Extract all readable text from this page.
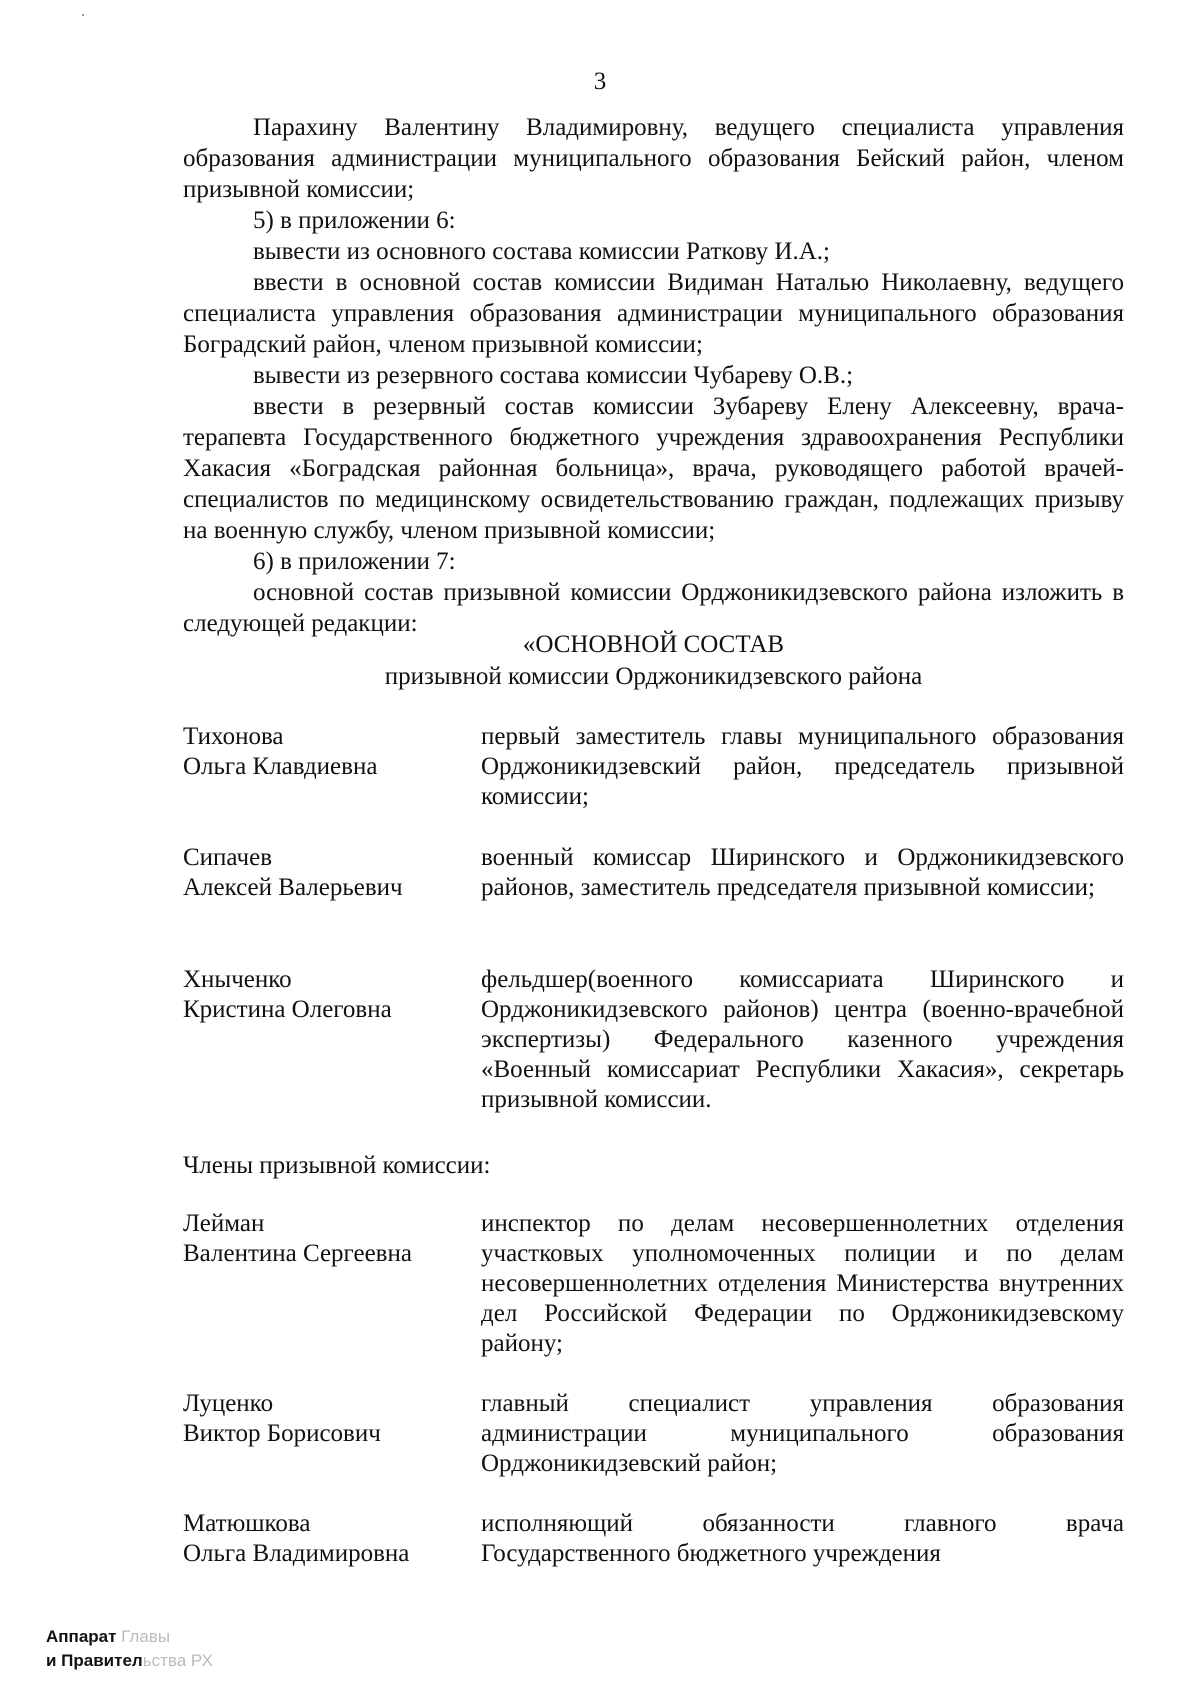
3

Парахину Валентину Владимировну, ведущего специалиста управления образования администрации муниципального образования Бейский район, членом призывной комиссии;

5) в приложении 6:

вывести из основного состава комиссии Раткову И.А.;

ввести в основной состав комиссии Видиман Наталью Николаевну, ведущего специалиста управления образования администрации муниципального образования Боградский район, членом призывной комиссии;

вывести из резервного состава комиссии Чубареву О.В.;

ввести в резервный состав комиссии Зубареву Елену Алексеевну, врача-терапевта Государственного бюджетного учреждения здравоохранения Республики Хакасия «Боградская районная больница», врача, руководящего работой врачей-специалистов по медицинскому освидетельствованию граждан, подлежащих призыву на военную службу, членом призывной комиссии;

6) в приложении 7:

основной состав призывной комиссии Орджоникидзевского района изложить в следующей редакции:

«ОСНОВНОЙ СОСТАВ
призывной комиссии Орджоникидзевского района
Тихонова
Ольга Клавдиевна
первый заместитель главы муниципального образования Орджоникидзевский район, председатель призывной комиссии;
Сипачев
Алексей Валерьевич
военный комиссар Ширинского и Орджоникидзевского районов, заместитель председателя призывной комиссии;
Хныченко
Кристина Олеговна
фельдшер(военного комиссариата Ширинского и Орджоникидзевского районов) центра (военно-врачебной экспертизы) Федерального казенного учреждения «Военный комиссариат Республики Хакасия», секретарь призывной комиссии.
Члены призывной комиссии:
Лейман
Валентина Сергеевна
инспектор по делам несовершеннолетних отделения участковых уполномоченных полиции и по делам несовершеннолетних отделения Министерства внутренних дел Российской Федерации по Орджоникидзевскому району;
Луценко
Виктор Борисович
главный специалист управления образования администрации муниципального образования Орджоникидзевский район;
Матюшкова
Ольга Владимировна
исполняющий обязанности главного врача Государственного бюджетного учреждения
Аппарат Главы
и Правительства РХ
